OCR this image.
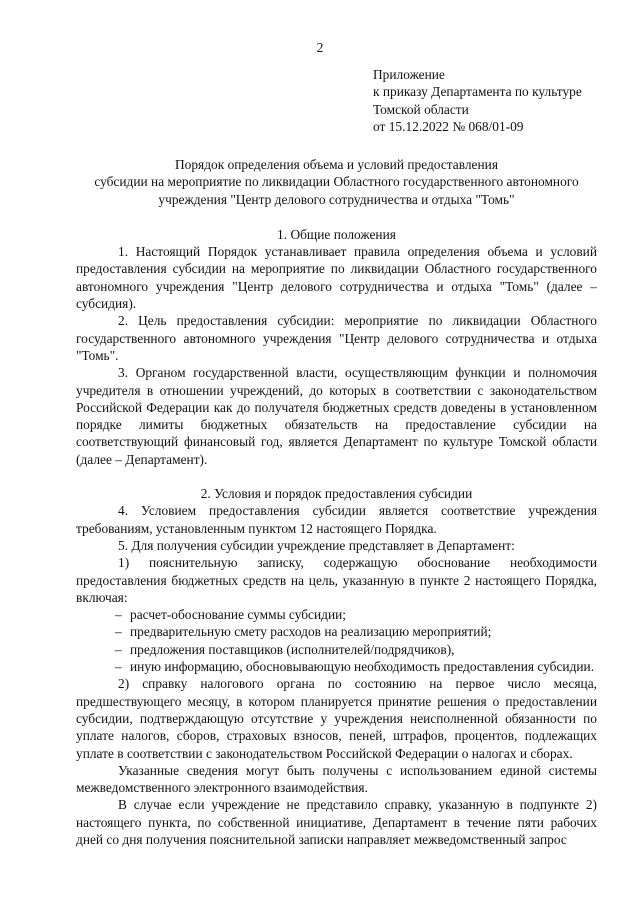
2
Приложение
к приказу Департамента по культуре
Томской области
от 15.12.2022 № 068/01-09
Порядок определения объема и условий предоставления
субсидии на мероприятие по ликвидации Областного государственного автономного
учреждения "Центр делового сотрудничества и отдыха "Томь"
1. Общие положения

1. Настоящий Порядок устанавливает правила определения объема и условий предоставления субсидии на мероприятие по ликвидации Областного государственного автономного учреждения "Центр делового сотрудничества и отдыха "Томь" (далее – субсидия).

2. Цель предоставления субсидии: мероприятие по ликвидации Областного государственного автономного учреждения "Центр делового сотрудничества и отдыха "Томь".

3. Органом государственной власти, осуществляющим функции и полномочия учредителя в отношении учреждений, до которых в соответствии с законодательством Российской Федерации как до получателя бюджетных средств доведены в установленном порядке лимиты бюджетных обязательств на предоставление субсидии на соответствующий финансовый год, является Департамент по культуре Томской области (далее – Департамент).

2. Условия и порядок предоставления субсидии

4. Условием предоставления субсидии является соответствие учреждения требованиям, установленным пунктом 12 настоящего Порядка.

5. Для получения субсидии учреждение представляет в Департамент:

1) пояснительную записку, содержащую обоснование необходимости предоставления бюджетных средств на цель, указанную в пункте 2 настоящего Порядка, включая:

– расчет-обоснование суммы субсидии;
– предварительную смету расходов на реализацию мероприятий;
– предложения поставщиков (исполнителей/подрядчиков),
– иную информацию, обосновывающую необходимость предоставления субсидии.

2) справку налогового органа по состоянию на первое число месяца, предшествующего месяцу, в котором планируется принятие решения о предоставлении субсидии, подтверждающую отсутствие у учреждения неисполненной обязанности по уплате налогов, сборов, страховых взносов, пеней, штрафов, процентов, подлежащих уплате в соответствии с законодательством Российской Федерации о налогах и сборах.

Указанные сведения могут быть получены с использованием единой системы межведомственного электронного взаимодействия.

В случае если учреждение не представило справку, указанную в подпункте 2) настоящего пункта, по собственной инициативе, Департамент в течение пяти рабочих дней со дня получения пояснительной записки направляет межведомственный запрос
